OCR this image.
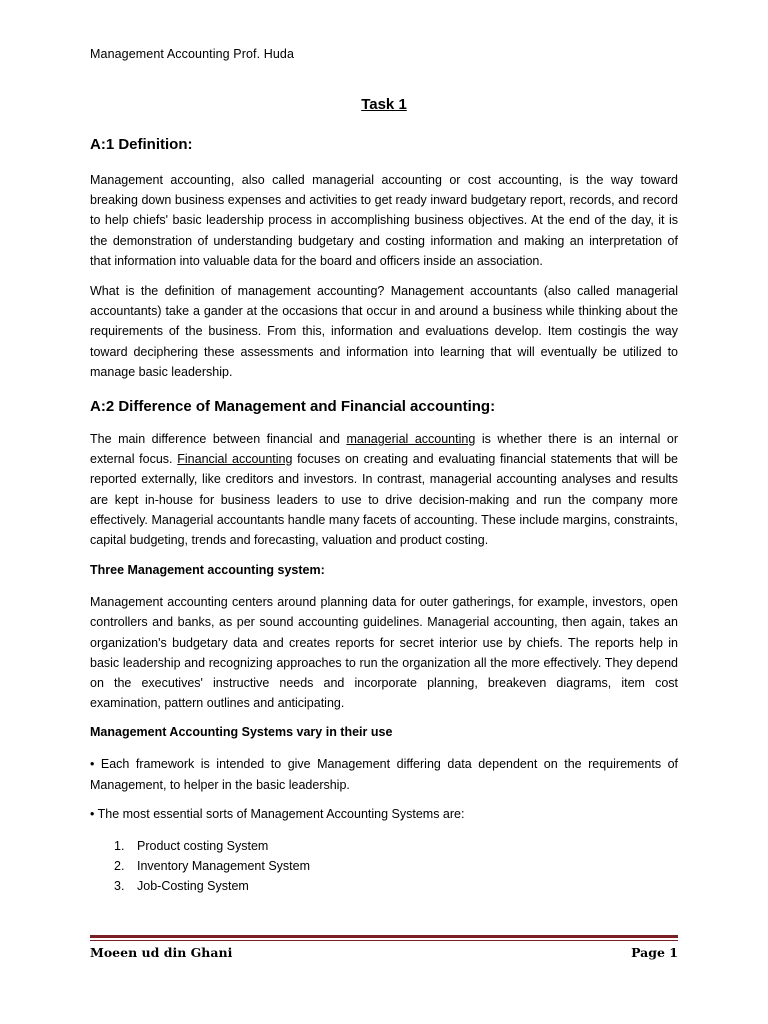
Management Accounting Prof. Huda
Task 1
A:1 Definition:

Management accounting, also called managerial accounting or cost accounting, is the way toward breaking down business expenses and activities to get ready inward budgetary report, records, and record to help chiefs' basic leadership process in accomplishing business objectives. At the end of the day, it is the demonstration of understanding budgetary and costing information and making an interpretation of that information into valuable data for the board and officers inside an association.

What is the definition of management accounting? Management accountants (also called managerial accountants) take a gander at the occasions that occur in and around a business while thinking about the requirements of the business. From this, information and evaluations develop. Item costingis the way toward deciphering these assessments and information into learning that will eventually be utilized to manage basic leadership.

A:2 Difference of Management and Financial accounting:

The main difference between financial and managerial accounting is whether there is an internal or external focus. Financial accounting focuses on creating and evaluating financial statements that will be reported externally, like creditors and investors. In contrast, managerial accounting analyses and results are kept in-house for business leaders to use to drive decision-making and run the company more effectively. Managerial accountants handle many facets of accounting. These include margins, constraints, capital budgeting, trends and forecasting, valuation and product costing.

Three Management accounting system:

Management accounting centers around planning data for outer gatherings, for example, investors, open controllers and banks, as per sound accounting guidelines. Managerial accounting, then again, takes an organization's budgetary data and creates reports for secret interior use by chiefs. The reports help in basic leadership and recognizing approaches to run the organization all the more effectively. They depend on the executives' instructive needs and incorporate planning, breakeven diagrams, item cost examination, pattern outlines and anticipating.

Management Accounting Systems vary in their use

• Each framework is intended to give Management differing data dependent on the requirements of Management, to helper in the basic leadership.

• The most essential sorts of Management Accounting Systems are:

1. Product costing System
2. Inventory Management System
3. Job-Costing System
Moeen ud din Ghani	Page 1
